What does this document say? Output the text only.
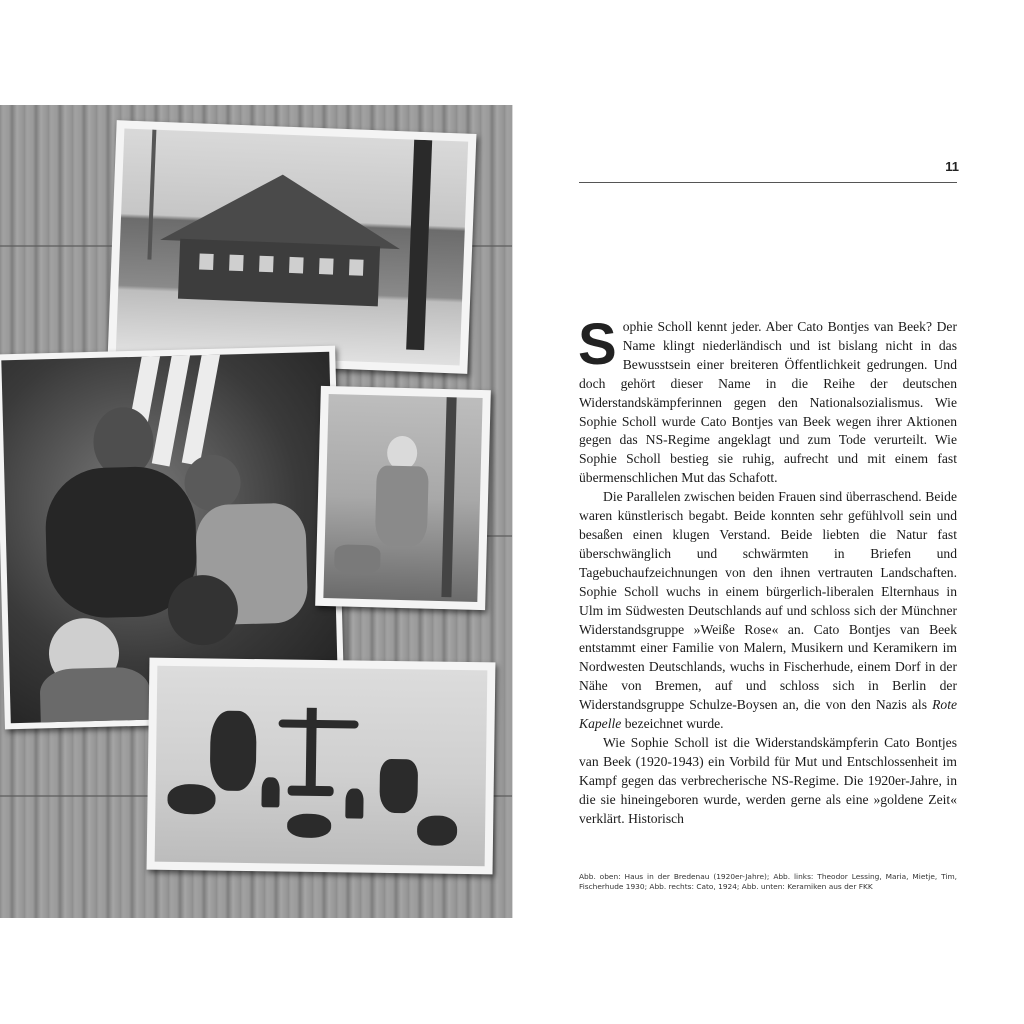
11

Sophie Scholl kennt jeder. Aber Cato Bontjes van Beek? Der Name klingt niederländisch und ist bislang nicht in das Bewusstsein einer breiteren Öffentlichkeit gedrungen. Und doch gehört dieser Name in die Reihe der deutschen Widerstandskämpferinnen gegen den Nationalsozialismus. Wie Sophie Scholl wurde Cato Bontjes van Beek wegen ihrer Aktionen gegen das NS-Regime angeklagt und zum Tode verurteilt. Wie Sophie Scholl bestieg sie ruhig, aufrecht und mit einem fast übermenschlichen Mut das Schafott.

Die Parallelen zwischen beiden Frauen sind überraschend. Beide waren künstlerisch begabt. Beide konnten sehr gefühlvoll sein und besaßen einen klugen Verstand. Beide liebten die Natur fast überschwänglich und schwärmten in Briefen und Tagebuchaufzeichnungen von den ihnen vertrauten Landschaften. Sophie Scholl wuchs in einem bürgerlich-liberalen Elternhaus in Ulm im Südwesten Deutschlands auf und schloss sich der Münchner Widerstandsgruppe »Weiße Rose« an. Cato Bontjes van Beek entstammt einer Familie von Malern, Musikern und Keramikern im Nordwesten Deutschlands, wuchs in Fischerhude, einem Dorf in der Nähe von Bremen, auf und schloss sich in Berlin der Widerstandsgruppe Schulze-Boysen an, die von den Nazis als Rote Kapelle bezeichnet wurde.

Wie Sophie Scholl ist die Widerstandskämpferin Cato Bontjes van Beek (1920-1943) ein Vorbild für Mut und Entschlossenheit im Kampf gegen das verbrecherische NS-Regime. Die 1920er-Jahre, in die sie hineingeboren wurde, werden gerne als eine »goldene Zeit« verklärt. Historisch

Abb. oben: Haus in der Bredenau (1920er-Jahre); Abb. links: Theodor Lessing, Maria, Mietje, Tim, Fischerhude 1930; Abb. rechts: Cato, 1924; Abb. unten: Keramiken aus der FKK
